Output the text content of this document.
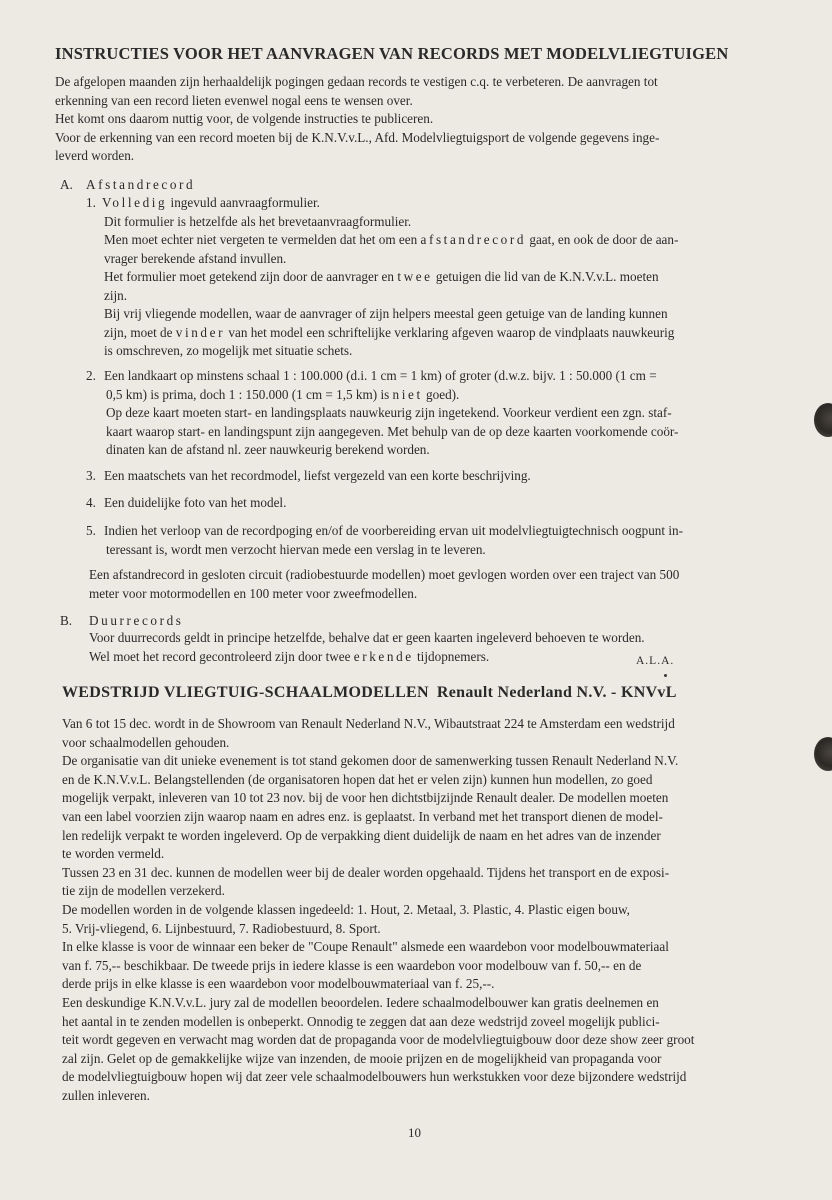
INSTRUCTIES VOOR HET AANVRAGEN VAN RECORDS MET MODELVLIEGTUIGEN
De afgelopen maanden zijn herhaaldelijk pogingen gedaan records te vestigen c.q. te verbeteren. De aanvragen tot
erkenning van een record lieten evenwel nogal eens te wensen over.
Het komt ons daarom nuttig voor, de volgende instructies te publiceren.
Voor de erkenning van een record moeten bij de K.N.V.v.L., Afd. Modelvliegtuigsport de volgende gegevens inge-
leverd worden.
A. Afstandrecord
1. Volledig ingevuld aanvraagformulier.
Dit formulier is hetzelfde als het brevetaanvraagformulier.
Men moet echter niet vergeten te vermelden dat het om een afstandrecord gaat, en ook de door de aan-
vrager berekende afstand invullen.
Het formulier moet getekend zijn door de aanvrager en twee getuigen die lid van de K.N.V.v.L. moeten
zijn.
Bij vrij vliegende modellen, waar de aanvrager of zijn helpers meestal geen getuige van de landing kunnen
zijn, moet de vinder van het model een schriftelijke verklaring afgeven waarop de vindplaats nauwkeurig
is omschreven, zo mogelijk met situatie schets.
2. Een landkaart op minstens schaal 1 : 100.000 (d.i. 1 cm = 1 km) of groter (d.w.z. bijv. 1 : 50.000 (1 cm =
0,5 km) is prima, doch 1 : 150.000 (1 cm = 1,5 km) is niet goed).
Op deze kaart moeten start- en landingsplaats nauwkeurig zijn ingetekend. Voorkeur verdient een zgn. staf-
kaart waarop start- en landingspunt zijn aangegeven. Met behulp van de op deze kaarten voorkomende coör-
dinaten kan de afstand nl. zeer nauwkeurig berekend worden.
3. Een maatschets van het recordmodel, liefst vergezeld van een korte beschrijving.
4. Een duidelijke foto van het model.
5. Indien het verloop van de recordpoging en/of de voorbereiding ervan uit modelvliegtuigtechnisch oogpunt in-
teressant is, wordt men verzocht hiervan mede een verslag in te leveren.
Een afstandrecord in gesloten circuit (radiobestuurde modellen) moet gevlogen worden over een traject van 500
meter voor motormodellen en 100 meter voor zweefmodellen.
B. Duurrecords
Voor duurrecords geldt in principe hetzelfde, behalve dat er geen kaarten ingeleverd behoeven te worden.
Wel moet het record gecontroleerd zijn door twee erkende tijdopnemers.	A.L.A.
WEDSTRIJD VLIEGTUIG-SCHAALMODELLEN Renault Nederland N.V. - KNVvL
Van 6 tot 15 dec. wordt in de Showroom van Renault Nederland N.V., Wibautstraat 224 te Amsterdam een wedstrijd
voor schaalmodellen gehouden.
De organisatie van dit unieke evenement is tot stand gekomen door de samenwerking tussen Renault Nederland N.V.
en de K.N.V.v.L. Belangstellenden (de organisatoren hopen dat het er velen zijn) kunnen hun modellen, zo goed
mogelijk verpakt, inleveren van 10 tot 23 nov. bij de voor hen dichtstbijzijnde Renault dealer. De modellen moeten
van een label voorzien zijn waarop naam en adres enz. is geplaatst. In verband met het transport dienen de model-
len redelijk verpakt te worden ingeleverd. Op de verpakking dient duidelijk de naam en het adres van de inzender
te worden vermeld.
Tussen 23 en 31 dec. kunnen de modellen weer bij de dealer worden opgehaald. Tijdens het transport en de exposi-
tie zijn de modellen verzekerd.
De modellen worden in de volgende klassen ingedeeld: 1. Hout, 2. Metaal, 3. Plastic, 4. Plastic eigen bouw,
5. Vrij-vliegend, 6. Lijnbestuurd, 7. Radiobestuurd, 8. Sport.
In elke klasse is voor de winnaar een beker de "Coupe Renault" alsmede een waardebon voor modelbouwmateriaal
van f. 75,-- beschikbaar. De tweede prijs in iedere klasse is een waardebon voor modelbouw van f. 50,-- en de
derde prijs in elke klasse is een waardebon voor modelbouwmateriaal van f. 25,--.
Een deskundige K.N.V.v.L. jury zal de modellen beoordelen. Iedere schaalmodelbouwer kan gratis deelnemen en
het aantal in te zenden modellen is onbeperkt. Onnodig te zeggen dat aan deze wedstrijd zoveel mogelijk publici-
teit wordt gegeven en verwacht mag worden dat de propaganda voor de modelvliegtuigbouw door deze show zeer groot
zal zijn. Gelet op de gemakkelijke wijze van inzenden, de mooie prijzen en de mogelijkheid van propaganda voor
de modelvliegtuigbouw hopen wij dat zeer vele schaalmodelbouwers hun werkstukken voor deze bijzondere wedstrijd
zullen inleveren.
10
